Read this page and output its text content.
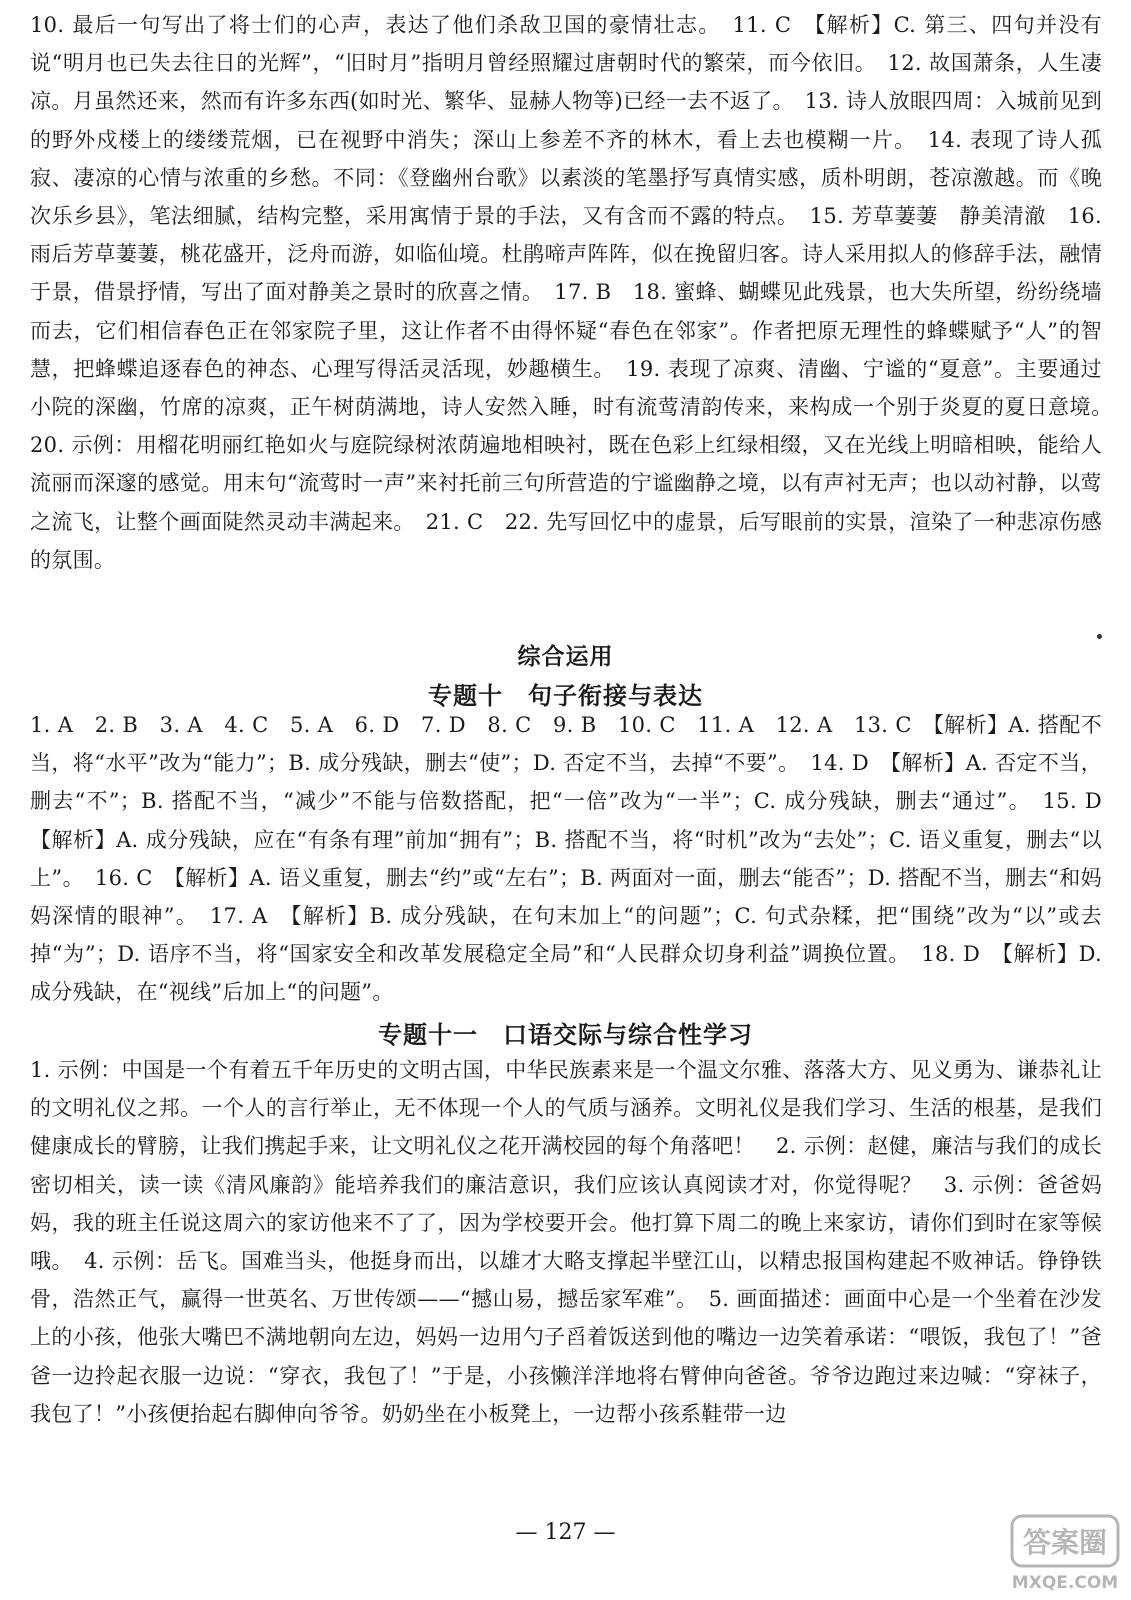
10. 最后一句写出了将士们的心声，表达了他们杀敌卫国的豪情壮志。　11. C　【解析】C. 第三、四句并没有说“明月也已失去往日的光辉”，“旧时月”指明月曾经照耀过唐朝时代的繁荣，而今依旧。　12. 故国萧条，人生凄凉。月虽然还来，然而有许多东西(如时光、繁华、显赫人物等)已经一去不返了。　13. 诗人放眼四周：入城前见到的野外戍楼上的缕缕荒烟，已在视野中消失；深山上参差不齐的林木，看上去也模糊一片。　14. 表现了诗人孤寂、凄凉的心情与浓重的乡愁。不同：《登幽州台歌》以素淡的笔墨抒写真情实感，质朴明朗，苍凉激越。而《晚次乐乡县》，笔法细腻，结构完整，采用寓情于景的手法，又有含而不露的特点。　15. 芳草萋萋　静美清澈　16. 雨后芳草萋萋，桃花盛开，泛舟而游，如临仙境。杜鹃啼声阵阵，似在挽留归客。诗人采用拟人的修辞手法，融情于景，借景抒情，写出了面对静美之景时的欣喜之情。　17. B　18. 蜜蜂、蝴蝶见此残景，也大失所望，纷纷绕墙而去，它们相信春色正在邻家院子里，这让作者不由得怀疑“春色在邻家”。作者把原无理性的蜂蝶赋予“人”的智慧，把蜂蝶追逐春色的神态、心理写得活灵活现，妙趣横生。　19. 表现了凉爽、清幽、宁谧的“夏意”。主要通过小院的深幽，竹席的凉爽，正午树荫满地，诗人安然入睡，时有流莺清韵传来，来构成一个别于炎夏的夏日意境。　20. 示例：用榴花明丽红艳如火与庭院绿树浓荫遍地相映衬，既在色彩上红绿相缀，又在光线上明暗相映，能给人流丽而深邃的感觉。用末句“流莺时一声”来衬托前三句所营造的宁谧幽静之境，以有声衬无声；也以动衬静，以莺之流飞，让整个画面陡然灵动丰满起来。　21. C　22. 先写回忆中的虚景，后写眼前的实景，渲染了一种悲凉伤感的氛围。
综合运用
专题十　句子衔接与表达
1. A　2. B　3. A　4. C　5. A　6. D　7. D　8. C　9. B　10. C　11. A　12. A　13. C　【解析】A. 搭配不当，将“水平”改为“能力”；B. 成分残缺，删去“使”；D. 否定不当，去掉“不要”。　14. D　【解析】A. 否定不当，删去“不”；B. 搭配不当，“减少”不能与倍数搭配，把“一倍”改为“一半”；C. 成分残缺，删去“通过”。　15. D　【解析】A. 成分残缺，应在“有条有理”前加“拥有”；B. 搭配不当，将“时机”改为“去处”；C. 语义重复，删去“以上”。　16. C　【解析】A. 语义重复，删去“约”或“左右”；B. 两面对一面，删去“能否”；D. 搭配不当，删去“和妈妈深情的眼神”。　17. A　【解析】B. 成分残缺，在句末加上“的问题”；C. 句式杂糅，把“围绕”改为“以”或去掉“为”；D. 语序不当，将“国家安全和改革发展稳定全局”和“人民群众切身利益”调换位置。　18. D　【解析】D. 成分残缺，在“视线”后加上“的问题”。
专题十一　口语交际与综合性学习
1. 示例：中国是一个有着五千年历史的文明古国，中华民族素来是一个温文尔雅、落落大方、见义勇为、谦恭礼让的文明礼仪之邦。一个人的言行举止，无不体现一个人的气质与涵养。文明礼仪是我们学习、生活的根基，是我们健康成长的臂膀，让我们携起手来，让文明礼仪之花开满校园的每个角落吧！　2. 示例：赵健，廉洁与我们的成长密切相关，读一读《清风廉韵》能培养我们的廉洁意识，我们应该认真阅读才对，你觉得呢？　3. 示例：爸爸妈妈，我的班主任说这周六的家访他来不了了，因为学校要开会。他打算下周二的晚上来家访，请你们到时在家等候哦。　4. 示例：岳飞。国难当头，他挺身而出，以雄才大略支撑起半壁江山，以精忠报国构建起不败神话。铮铮铁骨，浩然正气，赢得一世英名、万世传颂——“撼山易，撼岳家军难”。　5. 画面描述：画面中心是一个坐着在沙发上的小孩，他张大嘴巴不满地朝向左边，妈妈一边用勺子舀着饭送到他的嘴边一边笑着承诺：“喂饭，我包了！”爸爸一边拎起衣服一边说：“穿衣，我包了！”于是，小孩懒洋洋地将右臂伸向爸爸。爷爷边跑过来边喊：“穿袜子，我包了！”小孩便抬起右脚伸向爷爷。奶奶坐在小板凳上，一边帮小孩系鞋带一边
— 127 —	答案圈
MXQE.COM
